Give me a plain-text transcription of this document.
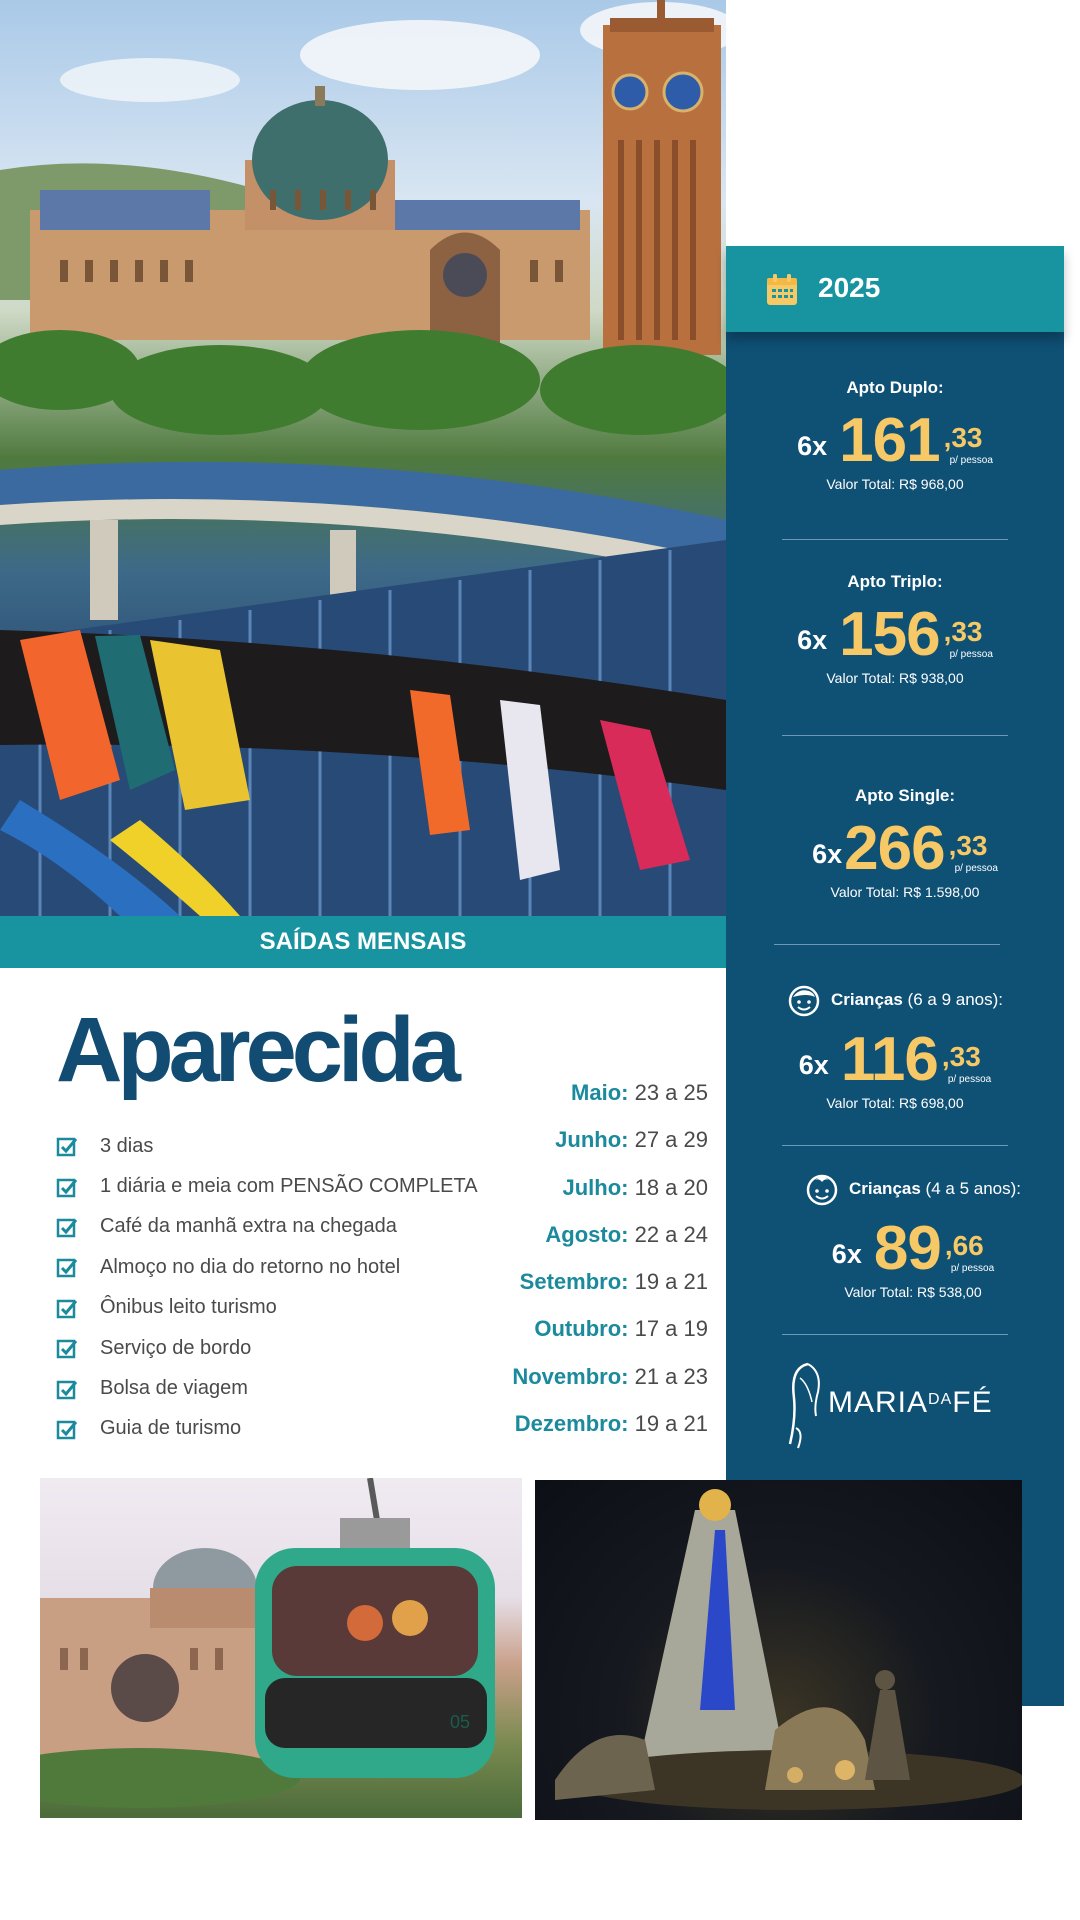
2025
Apto Duplo:
6x 161 ,33
p/ pessoa
Valor Total: R$ 968,00
Apto Triplo:
6x 156 ,33
p/ pessoa
Valor Total: R$ 938,00
Apto Single:
6x 266 ,33
p/ pessoa
Valor Total: R$ 1.598,00
Crianças (6 a 9 anos):
6x 116 ,33
p/ pessoa
Valor Total: R$ 698,00
Crianças (4 a 5 anos):
6x 89 ,66
p/ pessoa
Valor Total: R$ 538,00
$MARIA^{DA}FÉ$
SAÍDAS MENSAIS
Aparecida
3 dias
1 diária e meia com PENSÃO COMPLETA
Café da manhã extra na chegada
Almoço no dia do retorno no hotel
Ônibus leito turismo
Serviço de bordo
Bolsa de viagem
Guia de turismo
Maio: 23 a 25
Junho: 27 a 29
Julho: 18 a 20
Agosto: 22 a 24
Setembro: 19 a 21
Outubro: 17 a 19
Novembro: 21 a 23
Dezembro: 19 a 21
05
